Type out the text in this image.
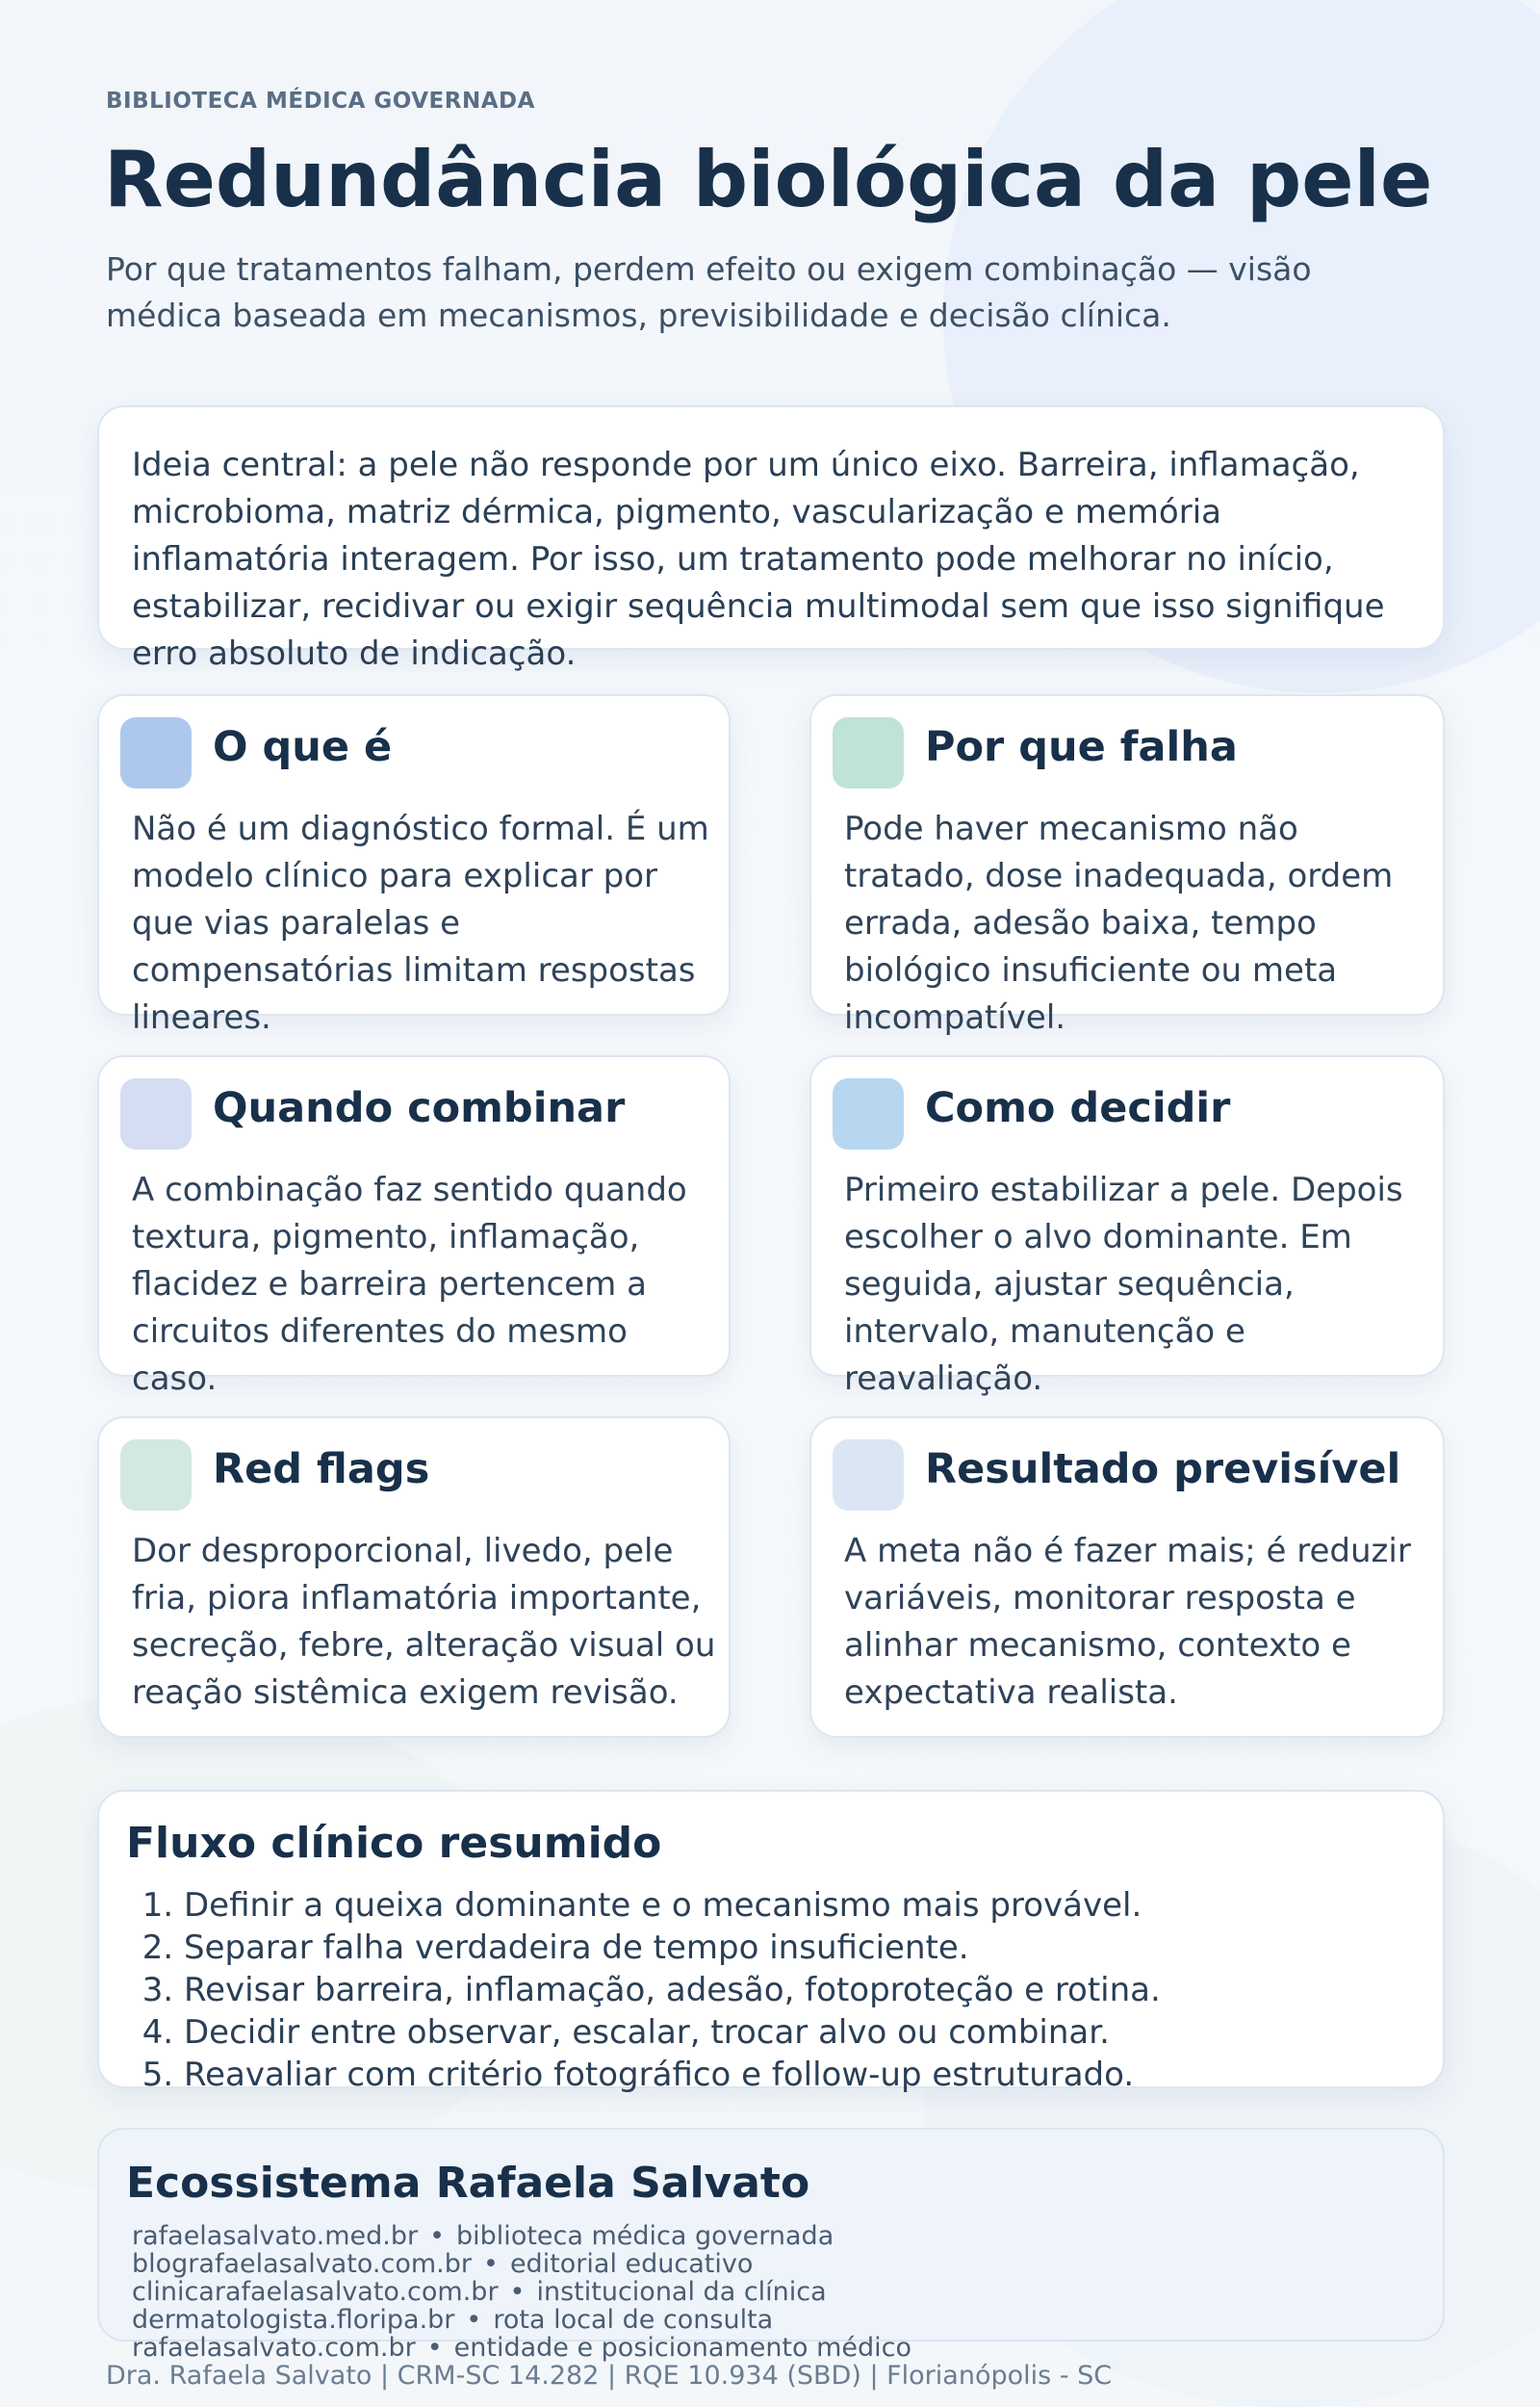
BIBLIOTECA MÉDICA GOVERNADA
Redundância biológica da pele

Por que tratamentos falham, perdem efeito ou exigem combinação — visão médica baseada em mecanismos, previsibilidade e decisão clínica.

Ideia central: a pele não responde por um único eixo. Barreira, inflamação, microbioma, matriz dérmica, pigmento, vascularização e memória inflamatória interagem. Por isso, um tratamento pode melhorar no início, estabilizar, recidivar ou exigir sequência multimodal sem que isso signifique erro absoluto de indicação.

O que é

Não é um diagnóstico formal. É um modelo clínico para explicar por que vias paralelas e compensatórias limitam respostas lineares.

Por que falha

Pode haver mecanismo não tratado, dose inadequada, ordem errada, adesão baixa, tempo biológico insuficiente ou meta incompatível.

Quando combinar

A combinação faz sentido quando textura, pigmento, inflamação, flacidez e barreira pertencem a circuitos diferentes do mesmo caso.

Como decidir

Primeiro estabilizar a pele. Depois escolher o alvo dominante. Em seguida, ajustar sequência, intervalo, manutenção e reavaliação.

Red flags

Dor desproporcional, livedo, pele fria, piora inflamatória importante, secreção, febre, alteração visual ou reação sistêmica exigem revisão.

Resultado previsível

A meta não é fazer mais; é reduzir variáveis, monitorar resposta e alinhar mecanismo, contexto e expectativa realista.

Fluxo clínico resumido
1. Definir a queixa dominante e o mecanismo mais provável.
2. Separar falha verdadeira de tempo insuficiente.
3. Revisar barreira, inflamação, adesão, fotoproteção e rotina.
4. Decidir entre observar, escalar, trocar alvo ou combinar.
5. Reavaliar com critério fotográfico e follow-up estruturado.
Ecossistema Rafaela Salvato
rafaelasalvato.med.br • biblioteca médica governada
blografaelasalvato.com.br • editorial educativo
clinicarafaelasalvato.com.br • institucional da clínica
dermatologista.floripa.br • rota local de consulta
rafaelasalvato.com.br • entidade e posicionamento médico
Dra. Rafaela Salvato | CRM-SC 14.282 | RQE 10.934 (SBD) | Florianópolis - SC
